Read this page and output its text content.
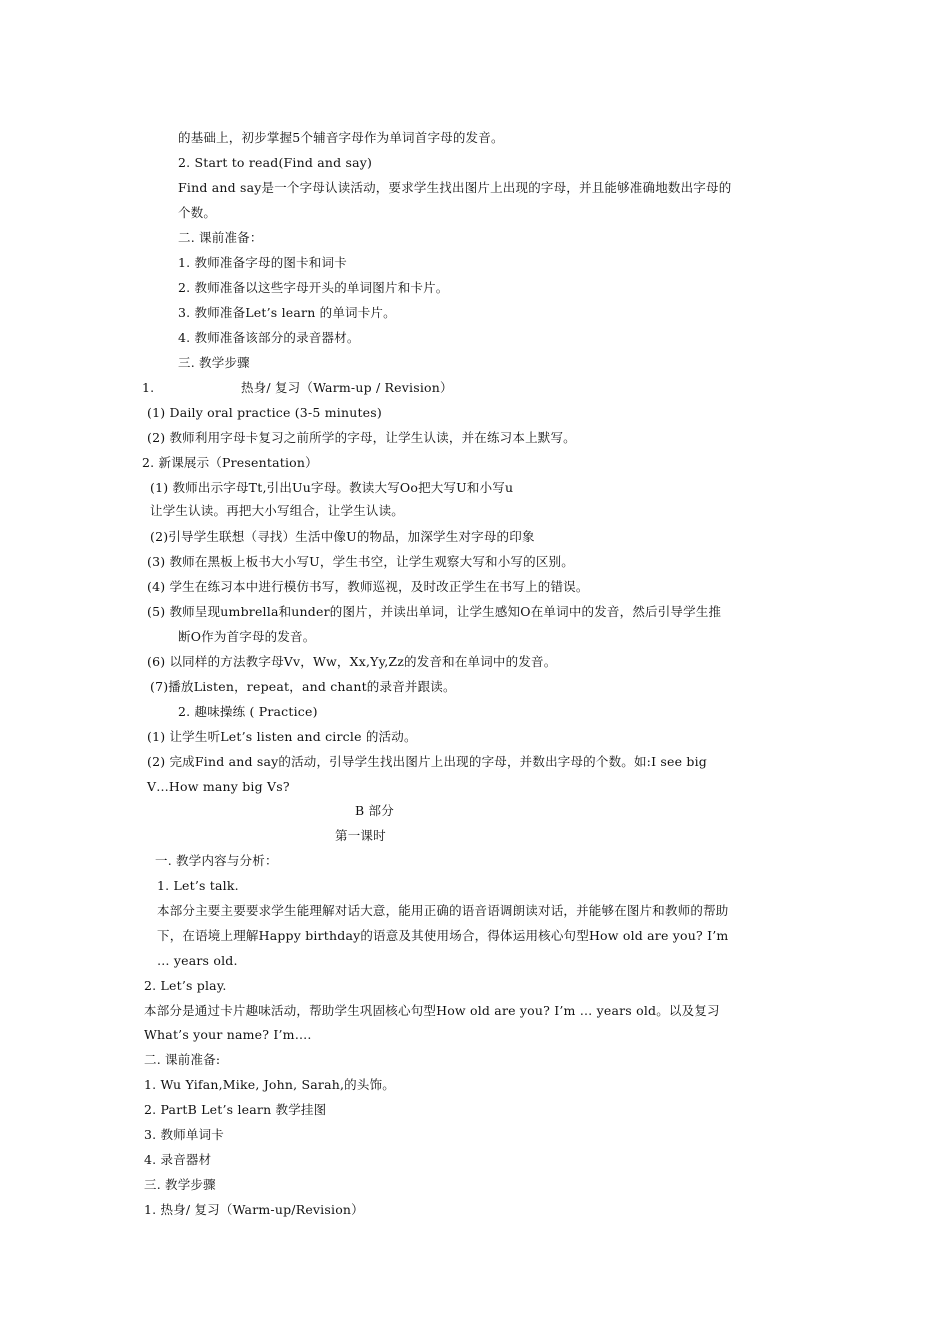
的基础上，初步掌握5个辅音字母作为单词首字母的发音。
2. Start to read(Find and say)
Find and say是一个字母认读活动，要求学生找出图片上出现的字母，并且能够准确地数出字母的
个数。
二. 课前准备：
1. 教师准备字母的图卡和词卡
2. 教师准备以这些字母开头的单词图片和卡片。
3. 教师准备Let’s learn 的单词卡片。
4. 教师准备该部分的录音器材。
三. 教学步骤
1.	热身/ 复习（Warm-up / Revision）
(1) Daily oral practice (3-5 minutes)
(2) 教师利用字母卡复习之前所学的字母，让学生认读，并在练习本上默写。
2. 新课展示（Presentation）
(1) 教师出示字母Tt,引出Uu字母。教读大写Oo把大写U和小写u
让学生认读。再把大小写组合，让学生认读。
(2)引导学生联想（寻找）生活中像U的物品，加深学生对字母的印象
(3) 教师在黑板上板书大小写U，学生书空，让学生观察大写和小写的区别。
(4) 学生在练习本中进行模仿书写，教师巡视，及时改正学生在书写上的错误。
(5) 教师呈现umbrella和under的图片，并读出单词，让学生感知O在单词中的发音，然后引导学生推
断O作为首字母的发音。
(6) 以同样的方法教字母Vv，Ww，Xx,Yy,Zz的发音和在单词中的发音。
(7)播放Listen，repeat，and chant的录音并跟读。
2. 趣味操练 ( Practice)
(1) 让学生听Let’s listen and circle 的活动。
(2) 完成Find and say的活动，引导学生找出图片上出现的字母，并数出字母的个数。如:I see big
V…How many big Vs?
B 部分
第一课时
一. 教学内容与分析：
1. Let’s talk.
本部分主要主要要求学生能理解对话大意，能用正确的语音语调朗读对话，并能够在图片和教师的帮助
下，在语境上理解Happy birthday的语意及其使用场合，得体运用核心句型How old are you? I’m
… years old.
2. Let’s play.
本部分是通过卡片趣味活动，帮助学生巩固核心句型How old are you? I’m … years old。以及复习
What’s your name? I’m….
二. 课前准备:
1. Wu Yifan,Mike, John, Sarah,的头饰。
2. PartB Let’s learn 教学挂图
3. 教师单词卡
4. 录音器材
三. 教学步骤
1. 热身/ 复习（Warm-up/Revision）
